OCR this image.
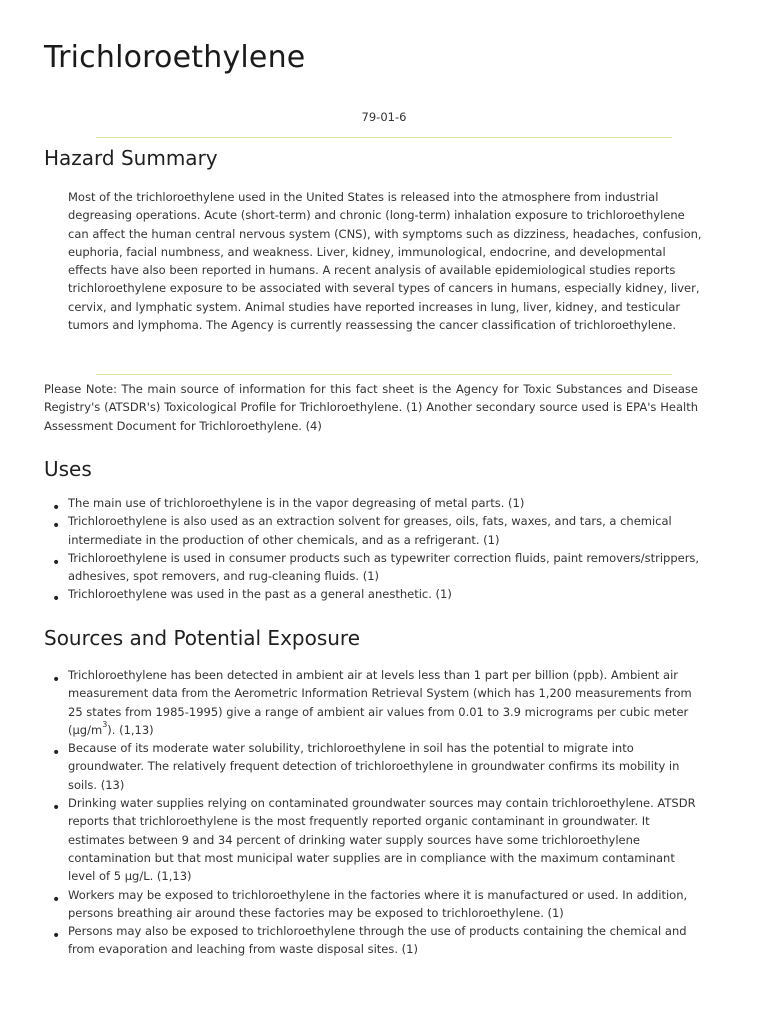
Trichloroethylene
79-01-6
Hazard Summary

Most of the trichloroethylene used in the United States is released into the atmosphere from industrial degreasing operations. Acute (short-term) and chronic (long-term) inhalation exposure to trichloroethylene can affect the human central nervous system (CNS), with symptoms such as dizziness, headaches, confusion, euphoria, facial numbness, and weakness. Liver, kidney, immunological, endocrine, and developmental effects have also been reported in humans. A recent analysis of available epidemiological studies reports trichloroethylene exposure to be associated with several types of cancers in humans, especially kidney, liver, cervix, and lymphatic system. Animal studies have reported increases in lung, liver, kidney, and testicular tumors and lymphoma. The Agency is currently reassessing the cancer classification of trichloroethylene.

Please Note: The main source of information for this fact sheet is the Agency for Toxic Substances and Disease Registry's (ATSDR's) Toxicological Profile for Trichloroethylene. (1) Another secondary source used is EPA's Health Assessment Document for Trichloroethylene. (4)

Uses
• The main use of trichloroethylene is in the vapor degreasing of metal parts. (1)
• Trichloroethylene is also used as an extraction solvent for greases, oils, fats, waxes, and tars, a chemical intermediate in the production of other chemicals, and as a refrigerant. (1)
• Trichloroethylene is used in consumer products such as typewriter correction fluids, paint removers/strippers, adhesives, spot removers, and rug-cleaning fluids. (1)
• Trichloroethylene was used in the past as a general anesthetic. (1)
Sources and Potential Exposure
• Trichloroethylene has been detected in ambient air at levels less than 1 part per billion (ppb). Ambient air measurement data from the Aerometric Information Retrieval System (which has 1,200 measurements from 25 states from 1985-1995) give a range of ambient air values from 0.01 to 3.9 micrograms per cubic meter $(\mu g/m^3)$. (1,13)
• Because of its moderate water solubility, trichloroethylene in soil has the potential to migrate into groundwater. The relatively frequent detection of trichloroethylene in groundwater confirms its mobility in soils. (13)
• Drinking water supplies relying on contaminated groundwater sources may contain trichloroethylene. ATSDR reports that trichloroethylene is the most frequently reported organic contaminant in groundwater. It estimates between 9 and 34 percent of drinking water supply sources have some trichloroethylene contamination but that most municipal water supplies are in compliance with the maximum contaminant level of 5 µg/L. (1,13)
• Workers may be exposed to trichloroethylene in the factories where it is manufactured or used. In addition, persons breathing air around these factories may be exposed to trichloroethylene. (1)
• Persons may also be exposed to trichloroethylene through the use of products containing the chemical and from evaporation and leaching from waste disposal sites. (1)
